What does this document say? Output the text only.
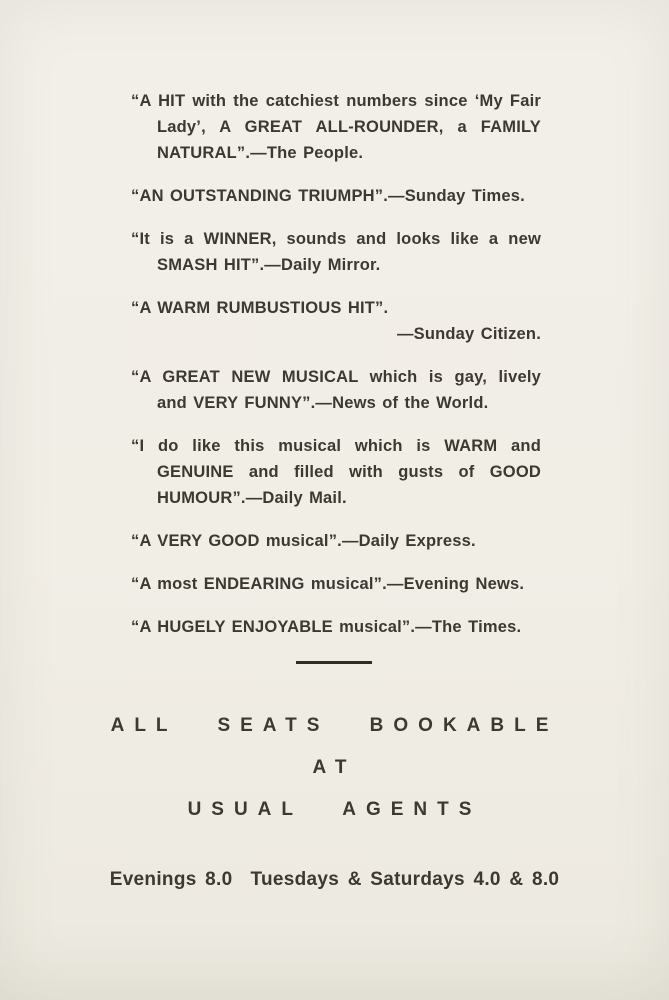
“A HIT with the catchiest numbers since ‘My Fair Lady’, A GREAT ALL-ROUNDER, a FAMILY NATURAL”.—The People.

“AN OUTSTANDING TRIUMPH”.—Sunday Times.

“It is a WINNER, sounds and looks like a new SMASH HIT”.—Daily Mirror.

“A WARM RUMBUSTIOUS HIT”.
—Sunday Citizen.

“A GREAT NEW MUSICAL which is gay, lively and VERY FUNNY”.—News of the World.

“I do like this musical which is WARM and GENUINE and filled with gusts of GOOD HUMOUR”.—Daily Mail.

“A VERY GOOD musical”.—Daily Express.

“A most ENDEARING musical”.—Evening News.

“A HUGELY ENJOYABLE musical”.—The Times.

ALL SEATS BOOKABLE

AT

USUAL AGENTS

Evenings 8.0 Tuesdays & Saturdays 4.0 & 8.0
